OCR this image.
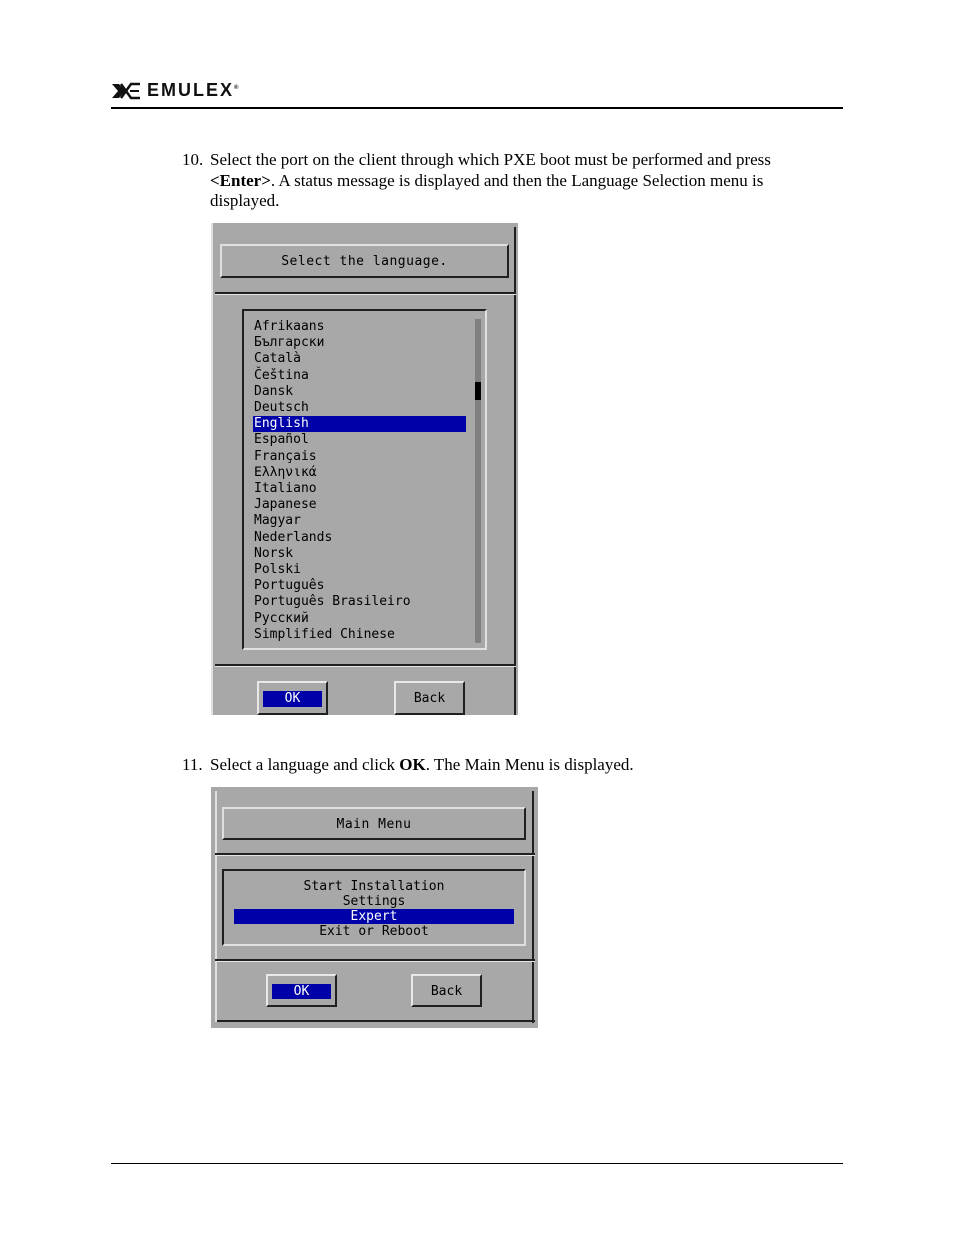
EMULEX®
10. Select the port on the client through which PXE boot must be performed and press
<Enter>. A status message is displayed and then the Language Selection menu is
displayed.
Select the language.
Afrikaans
Български
Català
Čeština
Dansk
Deutsch
English
Español
Français
Ελληνικά
Italiano
Japanese
Magyar
Nederlands
Norsk
Polski
Português
Português Brasileiro
Русский
Simplified Chinese
OK	Back
11. Select a language and click OK. The Main Menu is displayed.
Main Menu
Start Installation
Settings
Expert
Exit or Reboot
OK	Back
